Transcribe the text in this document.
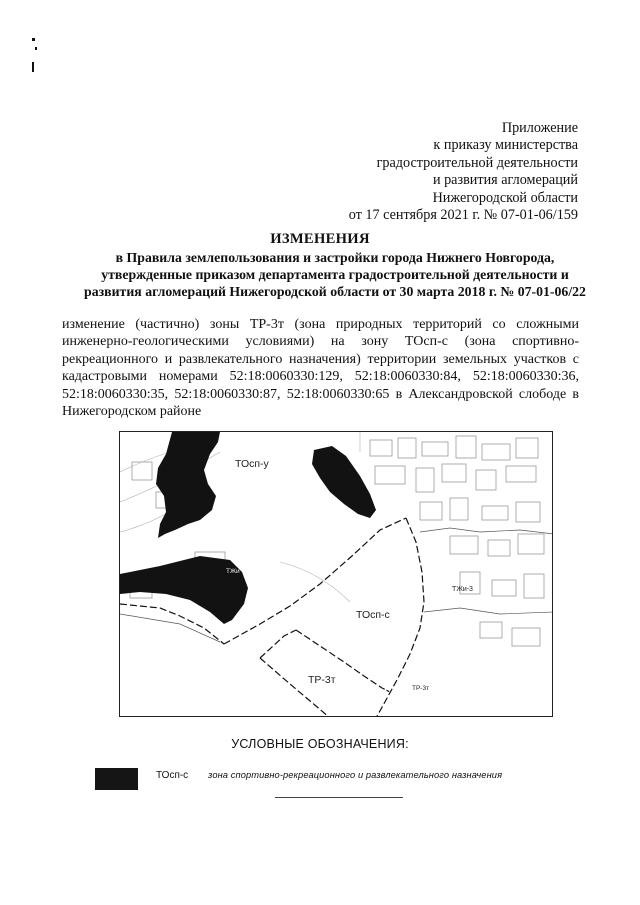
Приложение
к приказу министерства
градостроительной деятельности
и развития агломераций
Нижегородской области
от 17 сентября 2021 г. № 07-01-06/159
ИЗМЕНЕНИЯ
в Правила землепользования и застройки города Нижнего Новгорода,
утвержденные приказом департамента градостроительной деятельности и
развития агломераций Нижегородской области от 30 марта 2018 г. № 07-01-06/22
изменение (частично) зоны ТР-3т (зона природных территорий со сложными инженерно-геологическими условиями) на зону ТОсп-с (зона спортивно-рекреационного и развлекательного назначения) территории земельных участков с кадастровыми номерами 52:18:0060330:129, 52:18:0060330:84, 52:18:0060330:36, 52:18:0060330:35, 52:18:0060330:87, 52:18:0060330:65 в Александровской слободе в Нижегородском районе
ТОсп-у
ТЖи
ТЖи-3
ТОсп-с
ТР-3т
ТР-3т
УСЛОВНЫЕ ОБОЗНАЧЕНИЯ:
ТОсп-с зона спортивно-рекреационного и развлекательного назначения
